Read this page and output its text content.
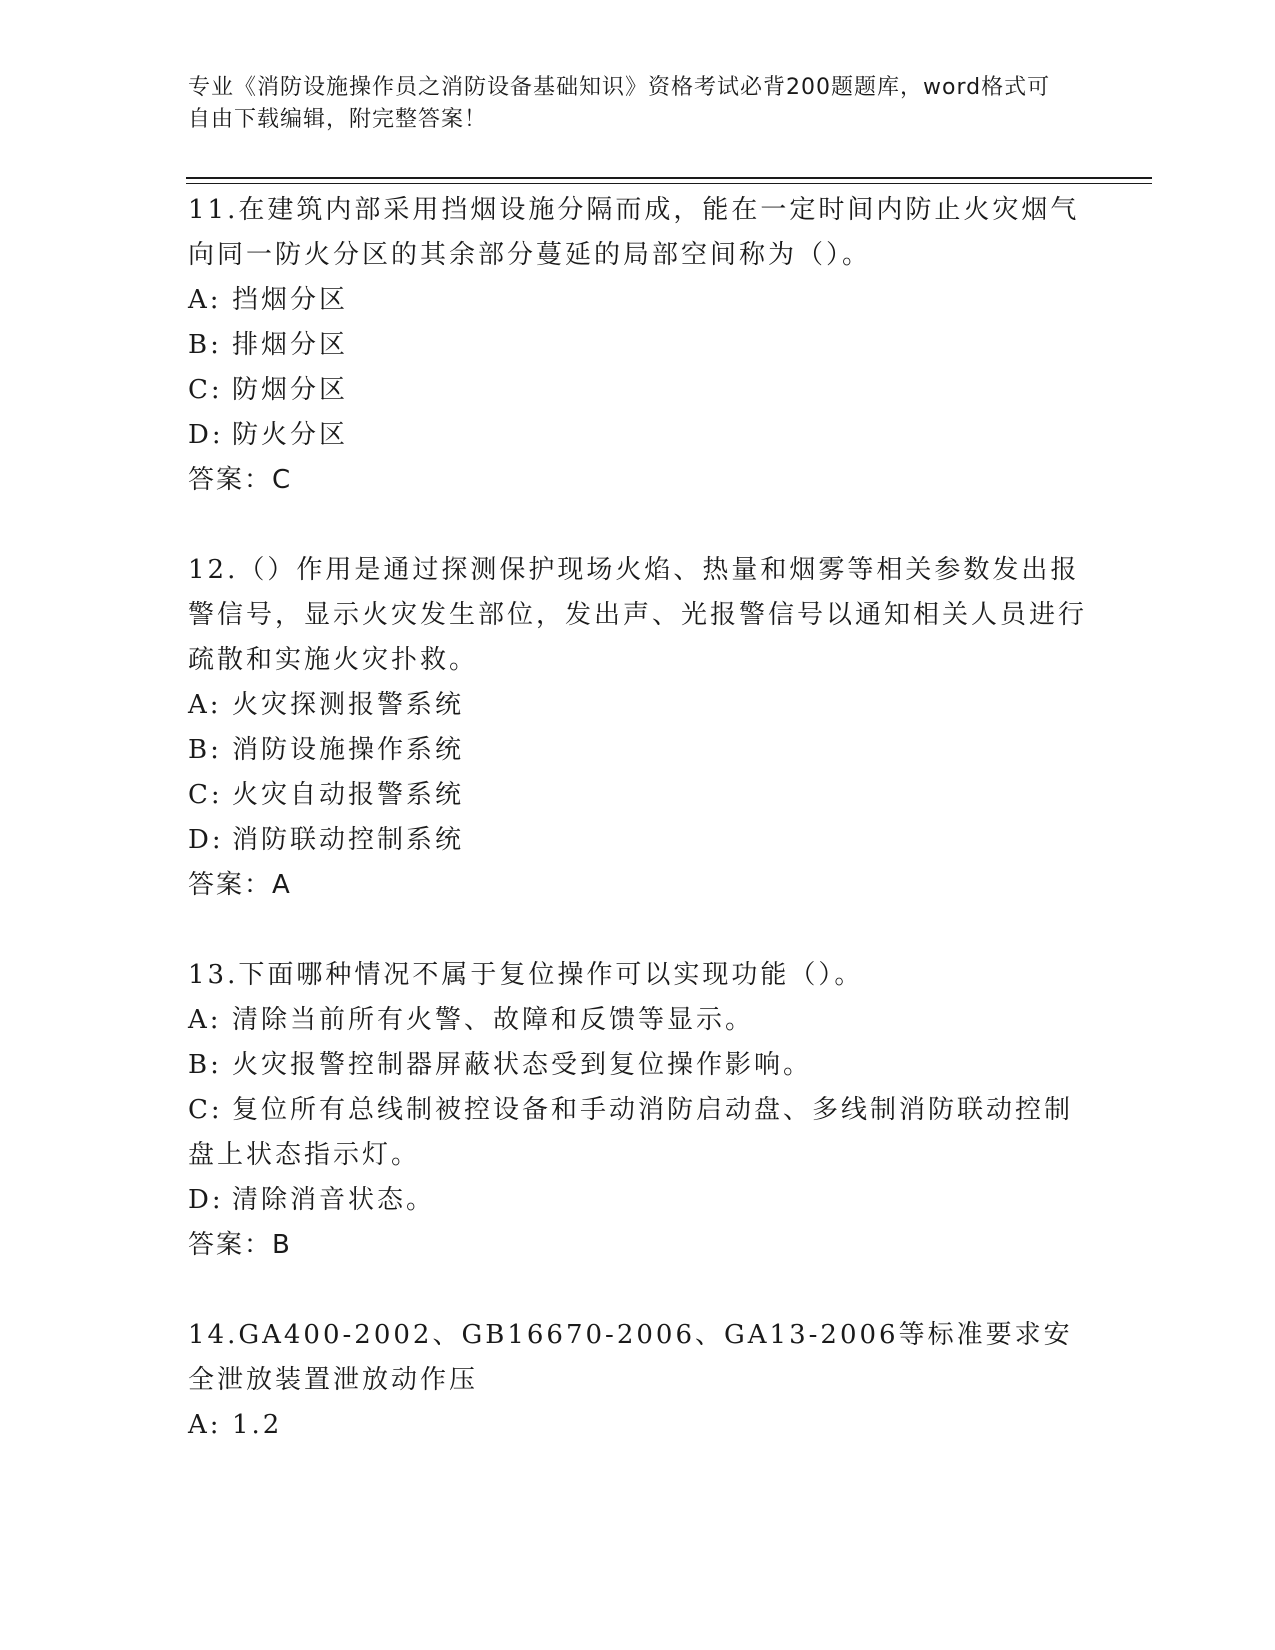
专业《消防设施操作员之消防设备基础知识》资格考试必背200题题库，word格式可自由下载编辑，附完整答案！
11.在建筑内部采用挡烟设施分隔而成，能在一定时间内防止火灾烟气向同一防火分区的其余部分蔓延的局部空间称为（）。
A: 挡烟分区
B: 排烟分区
C: 防烟分区
D: 防火分区
答案：C
12.（）作用是通过探测保护现场火焰、热量和烟雾等相关参数发出报警信号，显示火灾发生部位，发出声、光报警信号以通知相关人员进行疏散和实施火灾扑救。
A: 火灾探测报警系统
B: 消防设施操作系统
C: 火灾自动报警系统
D: 消防联动控制系统
答案：A
13.下面哪种情况不属于复位操作可以实现功能（）。
A: 清除当前所有火警、故障和反馈等显示。
B: 火灾报警控制器屏蔽状态受到复位操作影响。
C: 复位所有总线制被控设备和手动消防启动盘、多线制消防联动控制盘上状态指示灯。
D: 清除消音状态。
答案：B
14.GA400-2002、GB16670-2006、GA13-2006等标准要求安全泄放装置泄放动作压
A: 1.2
